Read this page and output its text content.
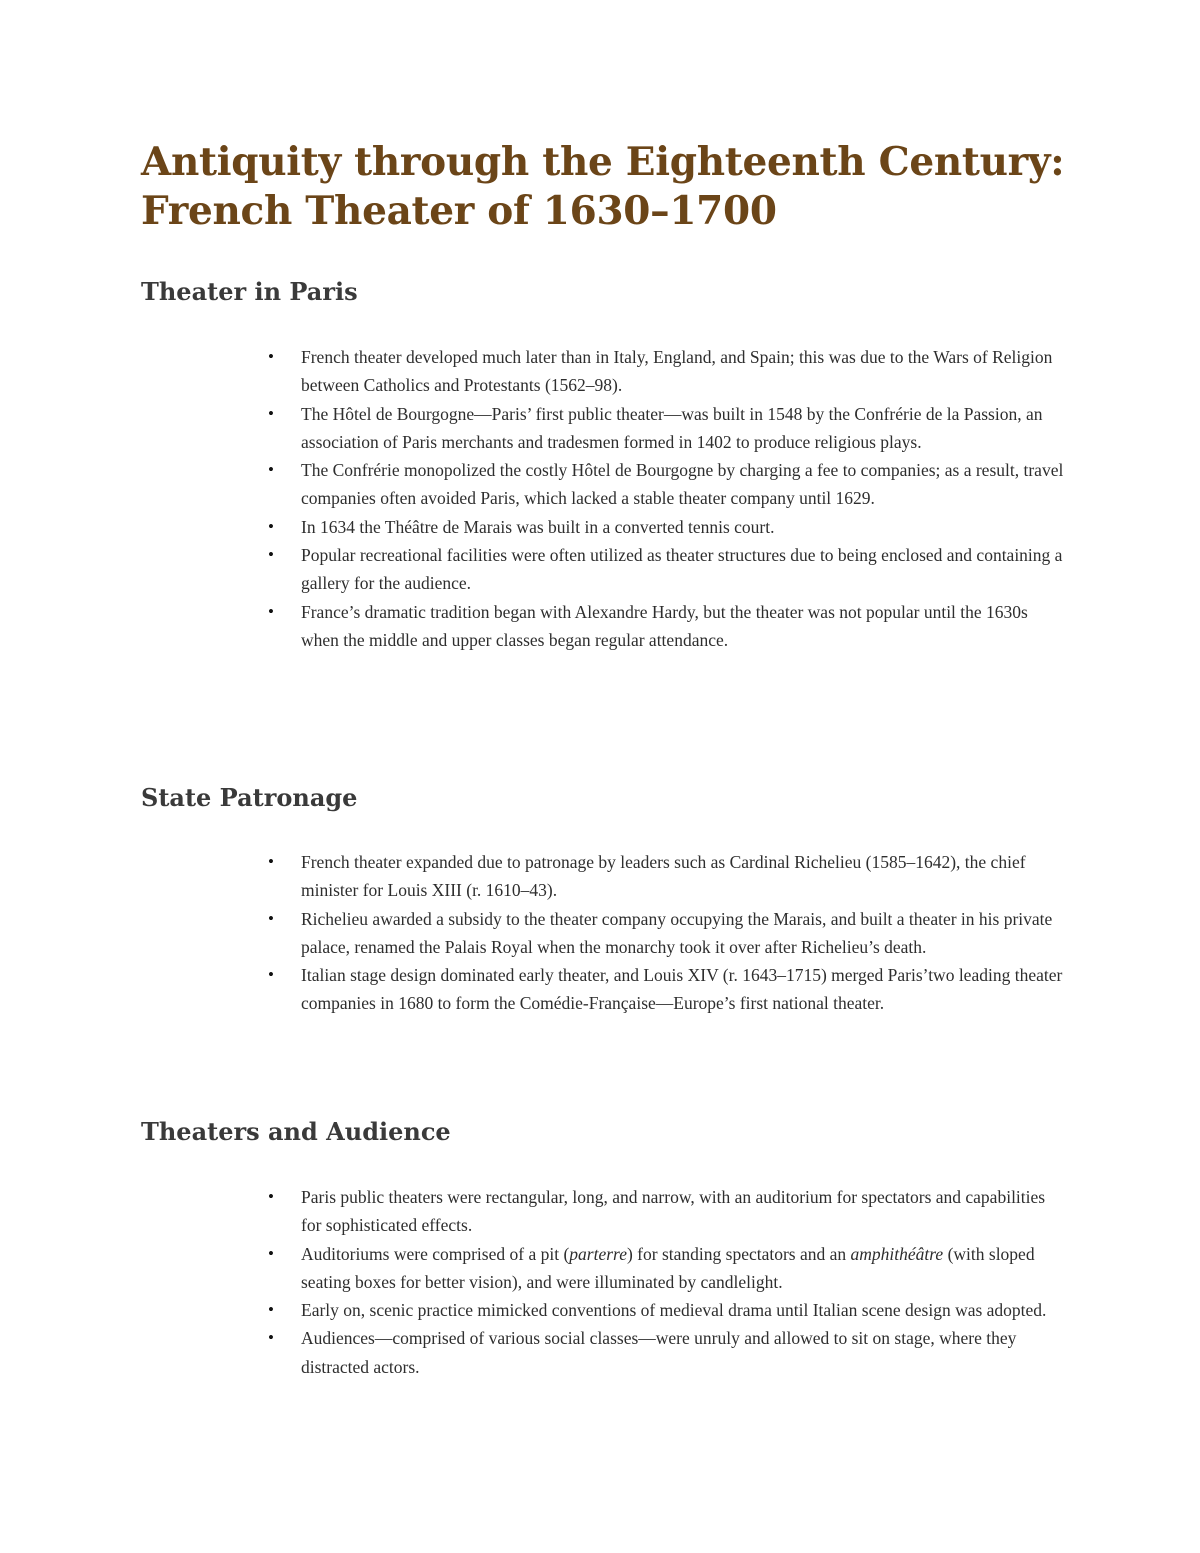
Antiquity through the Eighteenth Century:
French Theater of 1630–1700
Theater in Paris
• French theater developed much later than in Italy, England, and Spain; this was due to the Wars of Religion between Catholics and Protestants (1562–98).
• The Hôtel de Bourgogne—Paris’ first public theater—was built in 1548 by the Confrérie de la Passion, an association of Paris merchants and tradesmen formed in 1402 to produce religious plays.
• The Confrérie monopolized the costly Hôtel de Bourgogne by charging a fee to companies; as a result, travel companies often avoided Paris, which lacked a stable theater company until 1629.
• In 1634 the Théâtre de Marais was built in a converted tennis court.
• Popular recreational facilities were often utilized as theater structures due to being enclosed and containing a gallery for the audience.
• France’s dramatic tradition began with Alexandre Hardy, but the theater was not popular until the 1630s when the middle and upper classes began regular attendance.
State Patronage
• French theater expanded due to patronage by leaders such as Cardinal Richelieu (1585–1642), the chief minister for Louis XIII (r. 1610–43).
• Richelieu awarded a subsidy to the theater company occupying the Marais, and built a theater in his private palace, renamed the Palais Royal when the monarchy took it over after Richelieu’s death.
• Italian stage design dominated early theater, and Louis XIV (r. 1643–1715) merged Paris’two leading theater companies in 1680 to form the Comédie-Française—Europe’s first national theater.
Theaters and Audience
• Paris public theaters were rectangular, long, and narrow, with an auditorium for spectators and capabilities for sophisticated effects.
• Auditoriums were comprised of a pit (parterre) for standing spectators and an amphithéâtre (with sloped seating boxes for better vision), and were illuminated by candlelight.
• Early on, scenic practice mimicked conventions of medieval drama until Italian scene design was adopted.
• Audiences—comprised of various social classes—were unruly and allowed to sit on stage, where they distracted actors.
